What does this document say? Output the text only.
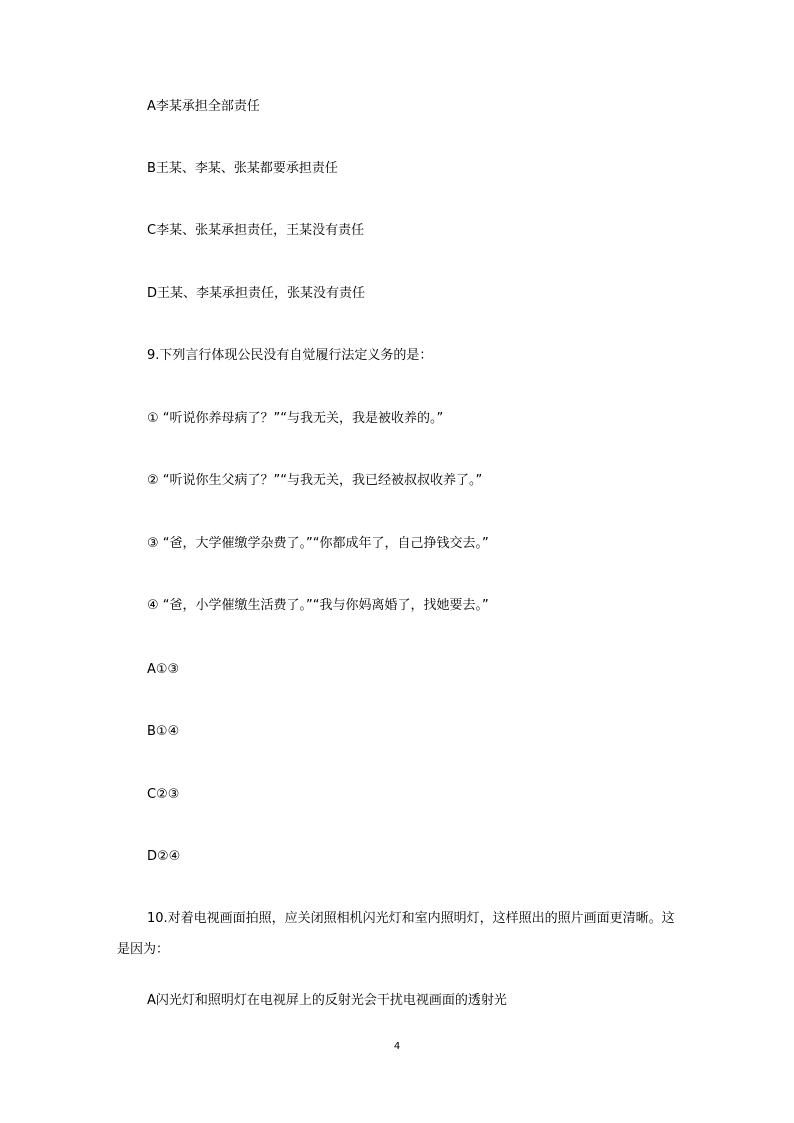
A李某承担全部责任
B王某、李某、张某都要承担责任
C李某、张某承担责任，王某没有责任
D王某、李某承担责任，张某没有责任
9.下列言行体现公民没有自觉履行法定义务的是：
① “听说你养母病了？”“与我无关，我是被收养的。”
② “听说你生父病了？”“与我无关，我已经被叔叔收养了。”
③ “爸，大学催缴学杂费了。”“你都成年了，自己挣钱交去。”
④ “爸，小学催缴生活费了。”“我与你妈离婚了，找她要去。”
A①③
B①④
C②③
D②④

10.对着电视画面拍照，应关闭照相机闪光灯和室内照明灯，这样照出的照片画面更清晰。这是因为：

A闪光灯和照明灯在电视屏上的反射光会干扰电视画面的透射光
4
